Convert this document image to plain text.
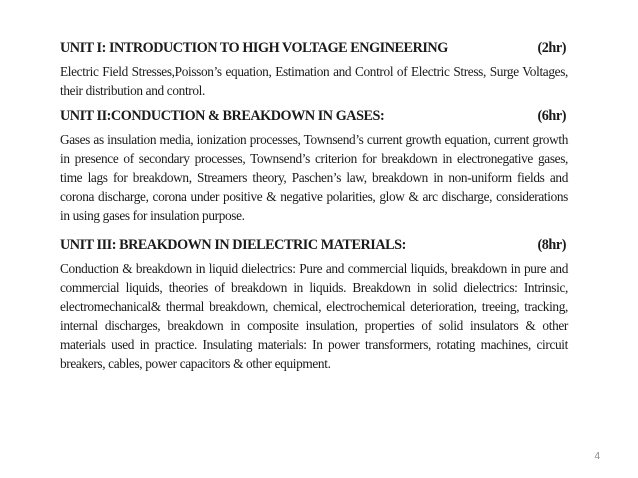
UNIT I: INTRODUCTION TO HIGH VOLTAGE ENGINEERING	(2hr)

Electric Field Stresses,Poisson’s equation, Estimation and Control of Electric Stress, Surge Voltages, their distribution and control.

UNIT II:CONDUCTION & BREAKDOWN IN GASES:	(6hr)

Gases as insulation media, ionization processes, Townsend’s current growth equation, current growth in presence of secondary processes, Townsend’s criterion for breakdown in electronegative gases, time lags for breakdown, Streamers theory, Paschen’s law, breakdown in non-uniform fields and corona discharge, corona under positive & negative polarities, glow & arc discharge, considerations in using gases for insulation purpose.

UNIT III: BREAKDOWN IN DIELECTRIC MATERIALS:	(8hr)

Conduction & breakdown in liquid dielectrics: Pure and commercial liquids, breakdown in pure and commercial liquids, theories of breakdown in liquids. Breakdown in solid dielectrics: Intrinsic, electromechanical& thermal breakdown, chemical, electrochemical deterioration, treeing, tracking, internal discharges, breakdown in composite insulation, properties of solid insulators & other materials used in practice. Insulating materials: In power transformers, rotating machines, circuit breakers, cables, power capacitors & other equipment.

4
